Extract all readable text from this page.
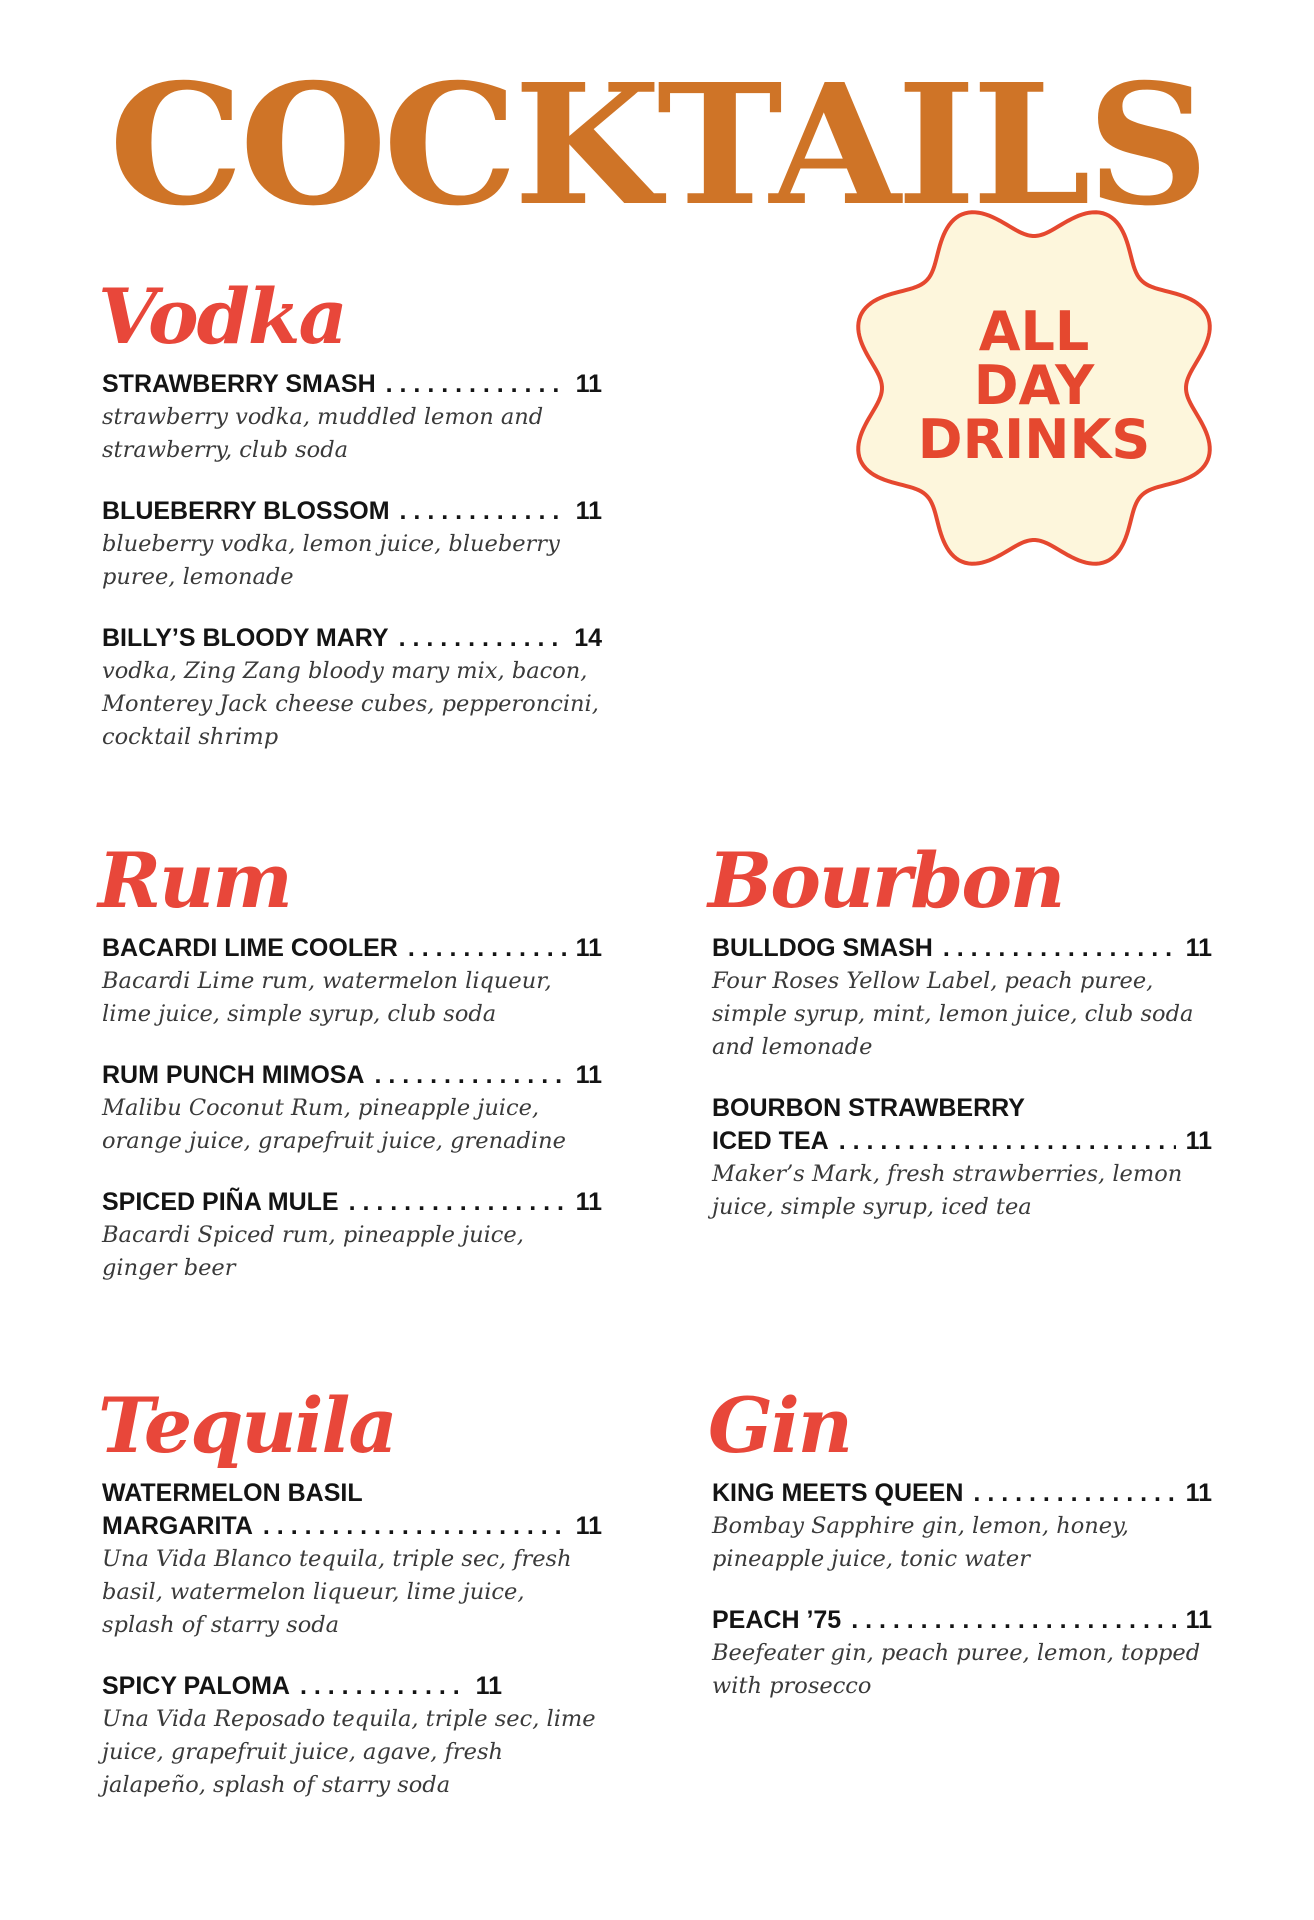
COCKTAILS
ALL
DAY
DRINKS
Vodka
STRAWBERRY SMASH . . .	11
strawberry vodka, muddled lemon and strawberry, club soda
BLUEBERRY BLOSSOM . . .	11
blueberry vodka, lemon juice, blueberry puree, lemonade
BILLY’S BLOODY MARY . . .	14
vodka, Zing Zang bloody mary mix, bacon, Monterey Jack cheese cubes, pepperoncini, cocktail shrimp
Rum
BACARDI LIME COOLER . . .	11
Bacardi Lime rum, watermelon liqueur, lime juice, simple syrup, club soda
RUM PUNCH MIMOSA . . .	11
Malibu Coconut Rum, pineapple juice, orange juice, grapefruit juice, grenadine
SPICED PIÑA MULE . . .	11
Bacardi Spiced rum, pineapple juice, ginger beer
Bourbon
BULLDOG SMASH . . .	11
Four Roses Yellow Label, peach puree, simple syrup, mint, lemon juice, club soda and lemonade
BOURBON STRAWBERRY
ICED TEA . . .	11
Maker’s Mark, fresh strawberries, lemon juice, simple syrup, iced tea
Tequila
WATERMELON BASIL
MARGARITA . . .	11
Una Vida Blanco tequila, triple sec, fresh basil, watermelon liqueur, lime juice, splash of starry soda
SPICY PALOMA . . .	11
Una Vida Reposado tequila, triple sec, lime juice, grapefruit juice, agave, fresh jalapeño, splash of starry soda
Gin
KING MEETS QUEEN . . .	11
Bombay Sapphire gin, lemon, honey, pineapple juice, tonic water
PEACH ’75 . . .	11
Beefeater gin, peach puree, lemon, topped with prosecco
